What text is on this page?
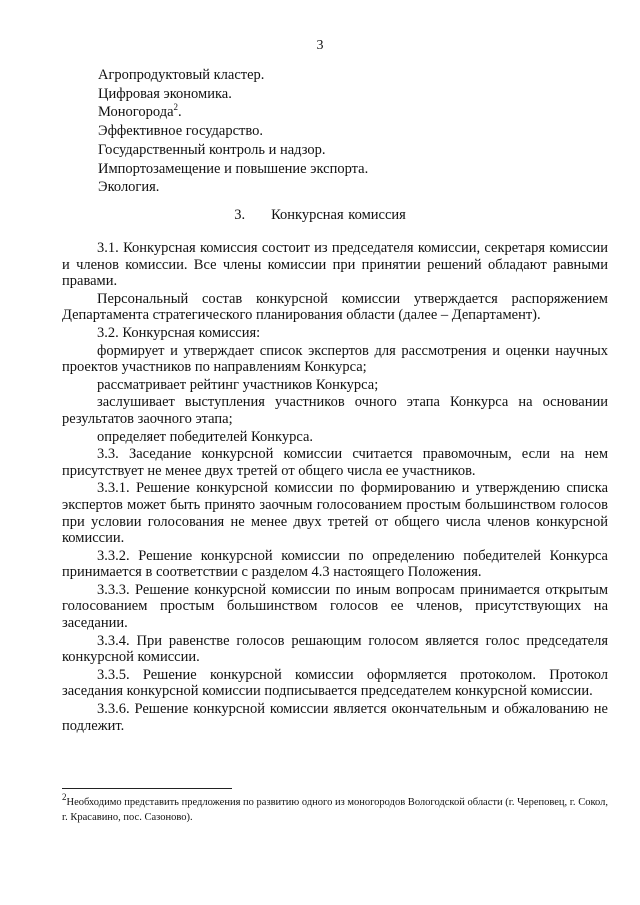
3
Агропродуктовый кластер.
Цифровая экономика.
Моногорода$^2$.
Эффективное государство.
Государственный контроль и надзор.
Импортозамещение и повышение экспорта.
Экология.
3. Конкурсная комиссия

3.1. Конкурсная комиссия состоит из председателя комиссии, секретаря комиссии и членов комиссии. Все члены комиссии при принятии решений обладают равными правами.

Персональный состав конкурсной комиссии утверждается распоряжением Департамента стратегического планирования области (далее – Департамент).

3.2. Конкурсная комиссия:

формирует и утверждает список экспертов для рассмотрения и оценки научных проектов участников по направлениям Конкурса;

рассматривает рейтинг участников Конкурса;

заслушивает выступления участников очного этапа Конкурса на основании результатов заочного этапа;

определяет победителей Конкурса.

3.3. Заседание конкурсной комиссии считается правомочным, если на нем присутствует не менее двух третей от общего числа ее участников.

3.3.1. Решение конкурсной комиссии по формированию и утверждению списка экспертов может быть принято заочным голосованием простым большинством голосов при условии голосования не менее двух третей от общего числа членов конкурсной комиссии.

3.3.2. Решение конкурсной комиссии по определению победителей Конкурса принимается в соответствии с разделом 4.3 настоящего Положения.

3.3.3. Решение конкурсной комиссии по иным вопросам принимается открытым голосованием простым большинством голосов ее членов, присутствующих на заседании.

3.3.4. При равенстве голосов решающим голосом является голос председателя конкурсной комиссии.

3.3.5. Решение конкурсной комиссии оформляется протоколом. Протокол заседания конкурсной комиссии подписывается председателем конкурсной комиссии.

3.3.6. Решение конкурсной комиссии является окончательным и обжалованию не подлежит.

$^2$Необходимо представить предложения по развитию одного из моногородов Вологодской области (г. Череповец, г. Сокол, г. Красавино, пос. Сазоново).
